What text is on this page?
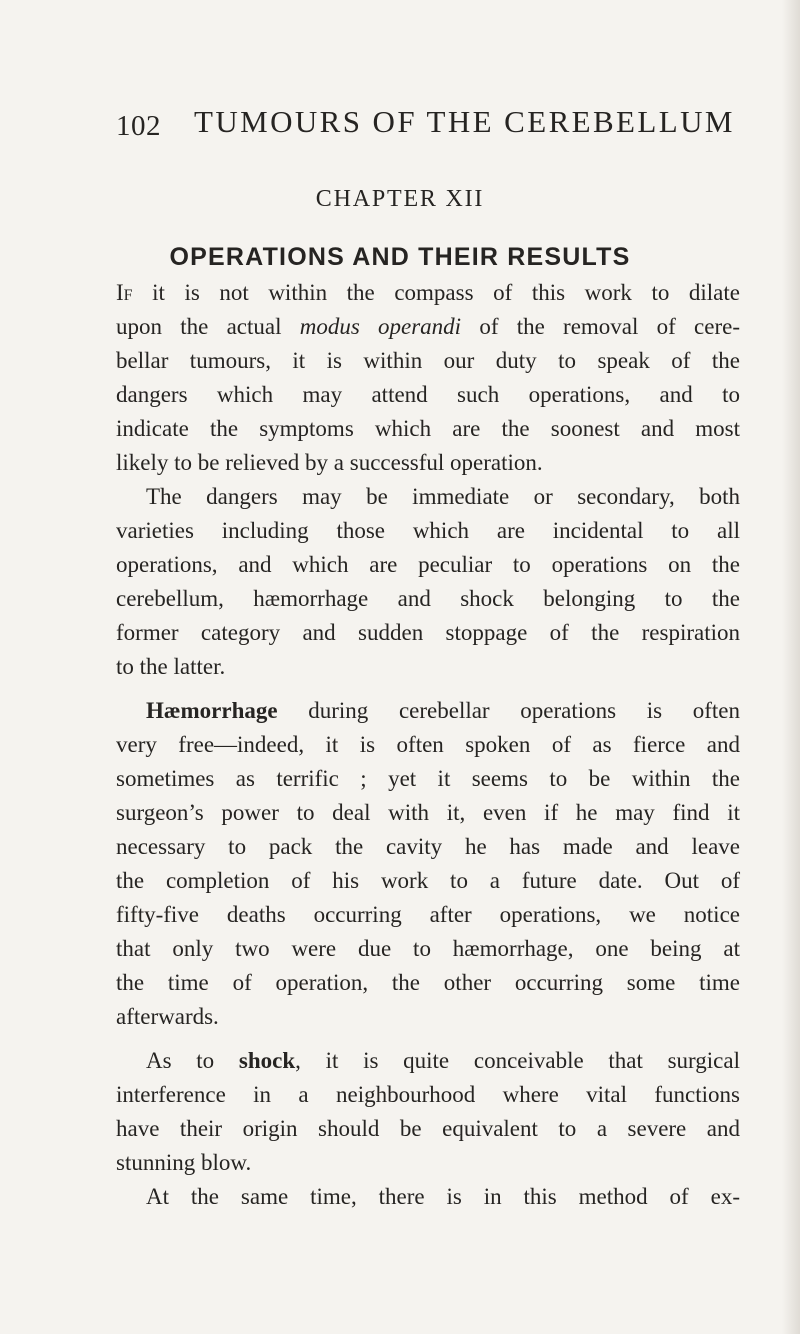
102 TUMOURS OF THE CEREBELLUM
CHAPTER XII
OPERATIONS AND THEIR RESULTS
If it is not within the compass of this work to dilate
upon the actual modus operandi of the removal of cere-
bellar tumours, it is within our duty to speak of the
dangers which may attend such operations, and to
indicate the symptoms which are the soonest and most
likely to be relieved by a successful operation.
The dangers may be immediate or secondary, both
varieties including those which are incidental to all
operations, and which are peculiar to operations on the
cerebellum, hæmorrhage and shock belonging to the
former category and sudden stoppage of the respiration
to the latter.
Hæmorrhage during cerebellar operations is often
very free—indeed, it is often spoken of as fierce and
sometimes as terrific ; yet it seems to be within the
surgeon’s power to deal with it, even if he may find it
necessary to pack the cavity he has made and leave
the completion of his work to a future date. Out of
fifty-five deaths occurring after operations, we notice
that only two were due to hæmorrhage, one being at
the time of operation, the other occurring some time
afterwards.
As to shock, it is quite conceivable that surgical
interference in a neighbourhood where vital functions
have their origin should be equivalent to a severe and
stunning blow.
At the same time, there is in this method of ex-
